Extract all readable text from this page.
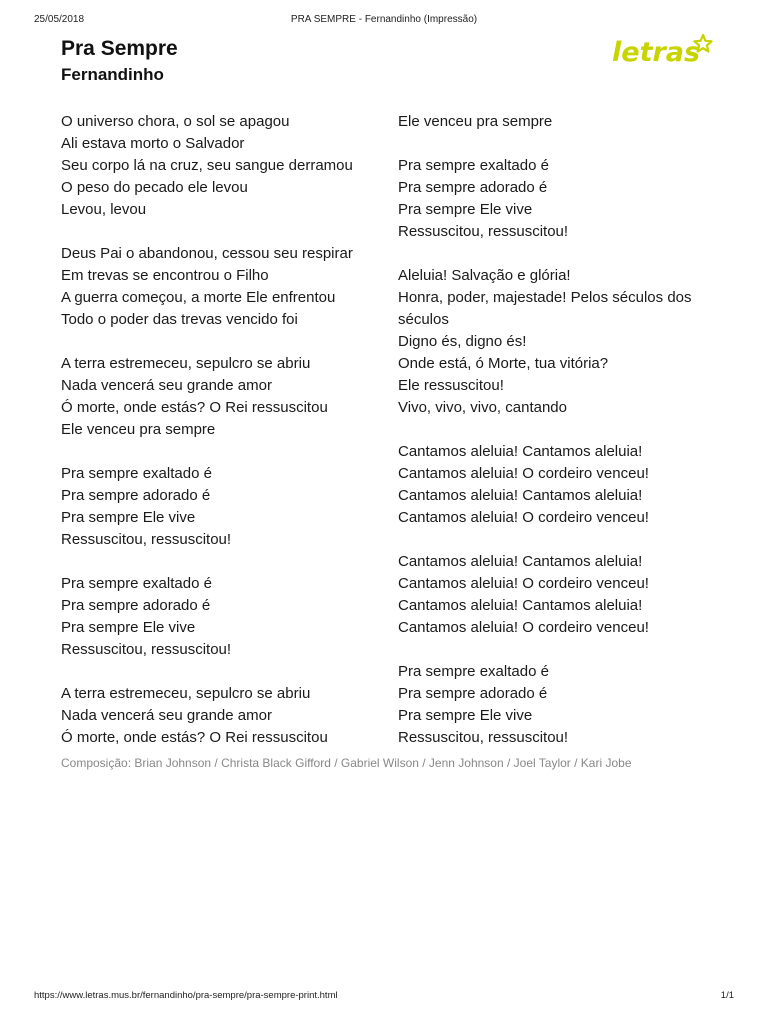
25/05/2018	PRA SEMPRE - Fernandinho (Impressão)
Pra Sempre
Fernandinho
letras
O universo chora, o sol se apagou
Ali estava morto o Salvador
Seu corpo lá na cruz, seu sangue derramou
O peso do pecado ele levou
Levou, levou
Deus Pai o abandonou, cessou seu respirar
Em trevas se encontrou o Filho
A guerra começou, a morte Ele enfrentou
Todo o poder das trevas vencido foi
A terra estremeceu, sepulcro se abriu
Nada vencerá seu grande amor
Ó morte, onde estás? O Rei ressuscitou
Ele venceu pra sempre
Pra sempre exaltado é
Pra sempre adorado é
Pra sempre Ele vive
Ressuscitou, ressuscitou!
Pra sempre exaltado é
Pra sempre adorado é
Pra sempre Ele vive
Ressuscitou, ressuscitou!
A terra estremeceu, sepulcro se abriu
Nada vencerá seu grande amor
Ó morte, onde estás? O Rei ressuscitou
Ele venceu pra sempre
Pra sempre exaltado é
Pra sempre adorado é
Pra sempre Ele vive
Ressuscitou, ressuscitou!
Aleluia! Salvação e glória!
Honra, poder, majestade! Pelos séculos dos séculos
Digno és, digno és!
Onde está, ó Morte, tua vitória?
Ele ressuscitou!
Vivo, vivo, vivo, cantando
Cantamos aleluia! Cantamos aleluia!
Cantamos aleluia! O cordeiro venceu!
Cantamos aleluia! Cantamos aleluia!
Cantamos aleluia! O cordeiro venceu!
Cantamos aleluia! Cantamos aleluia!
Cantamos aleluia! O cordeiro venceu!
Cantamos aleluia! Cantamos aleluia!
Cantamos aleluia! O cordeiro venceu!
Pra sempre exaltado é
Pra sempre adorado é
Pra sempre Ele vive
Ressuscitou, ressuscitou!
Composição: Brian Johnson / Christa Black Gifford / Gabriel Wilson / Jenn Johnson / Joel Taylor / Kari Jobe
https://www.letras.mus.br/fernandinho/pra-sempre/pra-sempre-print.html	1/1
